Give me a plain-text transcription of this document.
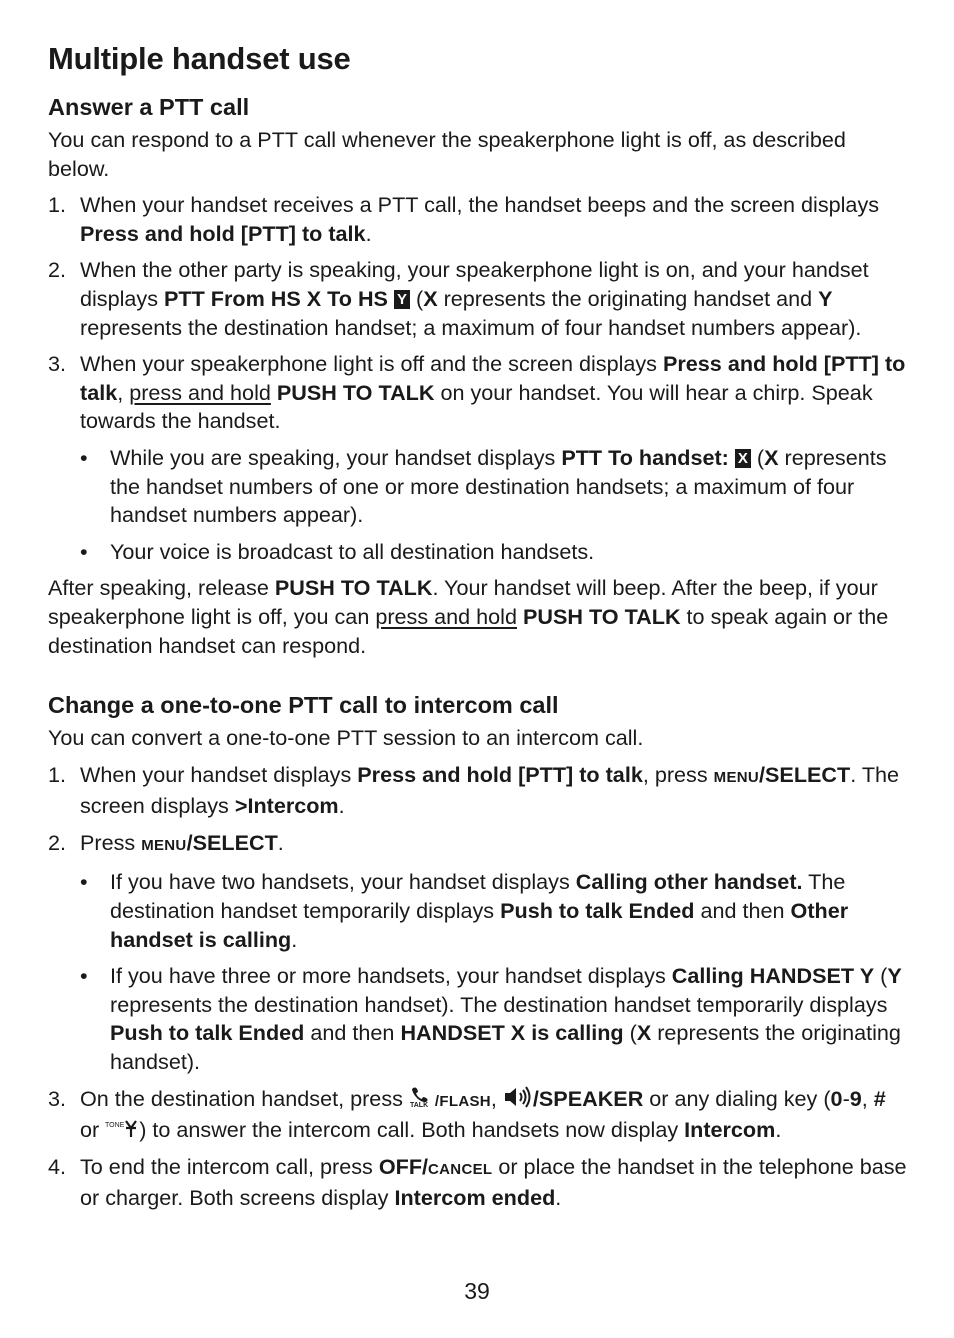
Multiple handset use
Answer a PTT call

You can respond to a PTT call whenever the speakerphone light is off, as described below.

1. When your handset receives a PTT call, the handset beeps and the screen displays Press and hold [PTT] to talk.
2. When the other party is speaking, your speakerphone light is on, and your handset displays PTT From HS X To HS Y (X represents the originating handset and Y represents the destination handset; a maximum of four handset numbers appear).
3. When your speakerphone light is off and the screen displays Press and hold [PTT] to talk, press and hold PUSH TO TALK on your handset. You will hear a chirp. Speak towards the handset.
• While you are speaking, your handset displays PTT To handset: X (X represents the handset numbers of one or more destination handsets; a maximum of four handset numbers appear).
• Your voice is broadcast to all destination handsets.

After speaking, release PUSH TO TALK. Your handset will beep. After the beep, if your speakerphone light is off, you can press and hold PUSH TO TALK to speak again or the destination handset can respond.

Change a one-to-one PTT call to intercom call

You can convert a one-to-one PTT session to an intercom call.

1. When your handset displays Press and hold [PTT] to talk, press MENU/SELECT. The screen displays >Intercom.
2. Press MENU/SELECT.
• If you have two handsets, your handset displays Calling other handset. The destination handset temporarily displays Push to talk Ended and then Other handset is calling.
• If you have three or more handsets, your handset displays Calling HANDSET Y (Y represents the destination handset). The destination handset temporarily displays Push to talk Ended and then HANDSET X is calling (X represents the originating handset).
3. On the destination handset, press TALK /FLASH, /SPEAKER or any dialing key (0-9, # or TONE ) to answer the intercom call. Both handsets now display Intercom.
4. To end the intercom call, press OFF/CANCEL or place the handset in the telephone base or charger. Both screens display Intercom ended.
39
